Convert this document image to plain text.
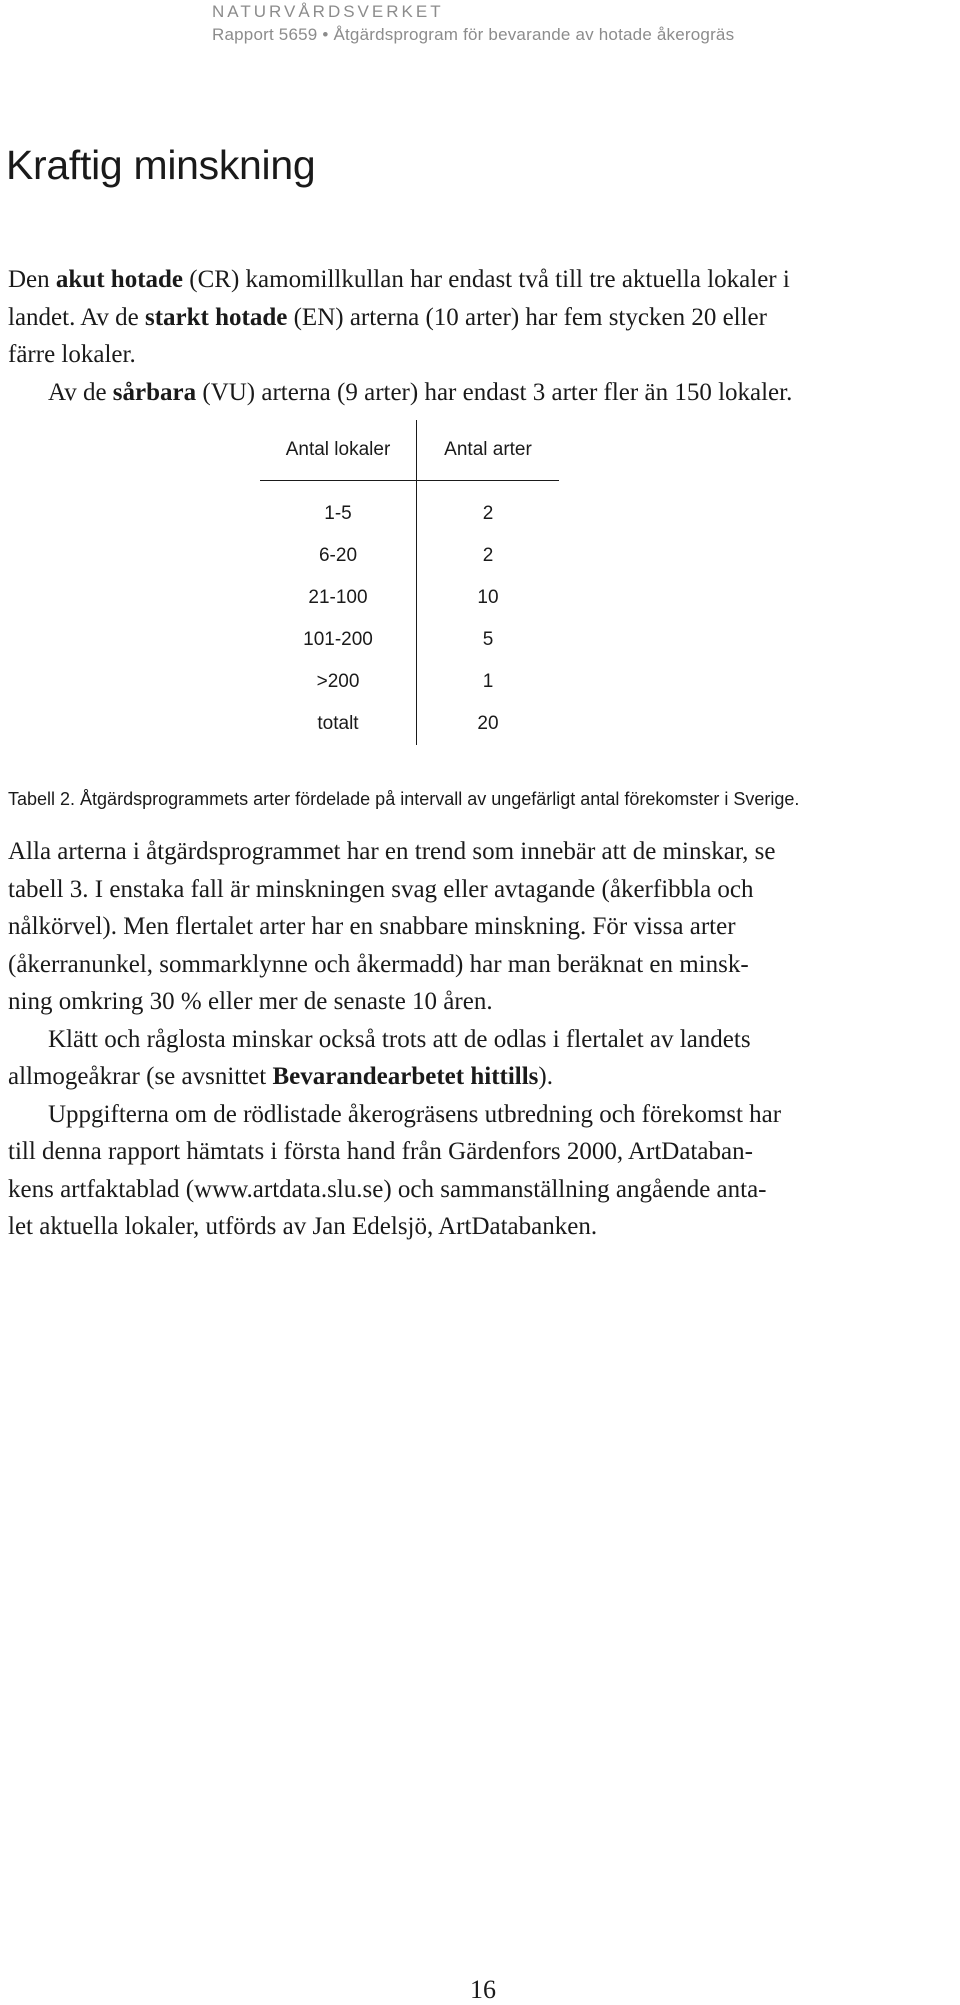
NATURVÅRDSVERKET
Rapport 5659 • Åtgärdsprogram för bevarande av hotade åkerogräs
Kraftig minskning

Den akut hotade (CR) kamomillkullan har endast två till tre aktuella lokaler i
landet. Av de starkt hotade (EN) arterna (10 arter) har fem stycken 20 eller
färre lokaler.
Av de sårbara (VU) arterna (9 arter) har endast 3 arter fler än 150 lokaler.

Antal lokaler	Antal arter
1-5	2
6-20	2
21-100	10
101-200	5
>200	1
totalt	20

Tabell 2. Åtgärdsprogrammets arter fördelade på intervall av ungefärligt antal förekomster i Sverige.

Alla arterna i åtgärdsprogrammet har en trend som innebär att de minskar, se
tabell 3. I enstaka fall är minskningen svag eller avtagande (åkerfibbla och
nålkörvel). Men flertalet arter har en snabbare minskning. För vissa arter
(åkerranunkel, sommarklynne och åkermadd) har man beräknat en minsk-
ning omkring 30 % eller mer de senaste 10 åren.
Klätt och råglosta minskar också trots att de odlas i flertalet av landets
allmogeåkrar (se avsnittet Bevarandearbetet hittills).
Uppgifterna om de rödlistade åkerogräsens utbredning och förekomst har
till denna rapport hämtats i första hand från Gärdenfors 2000, ArtDataban-
kens artfaktablad (www.artdata.slu.se) och sammanställning angående anta-
let aktuella lokaler, utförds av Jan Edelsjö, ArtDatabanken.

16
